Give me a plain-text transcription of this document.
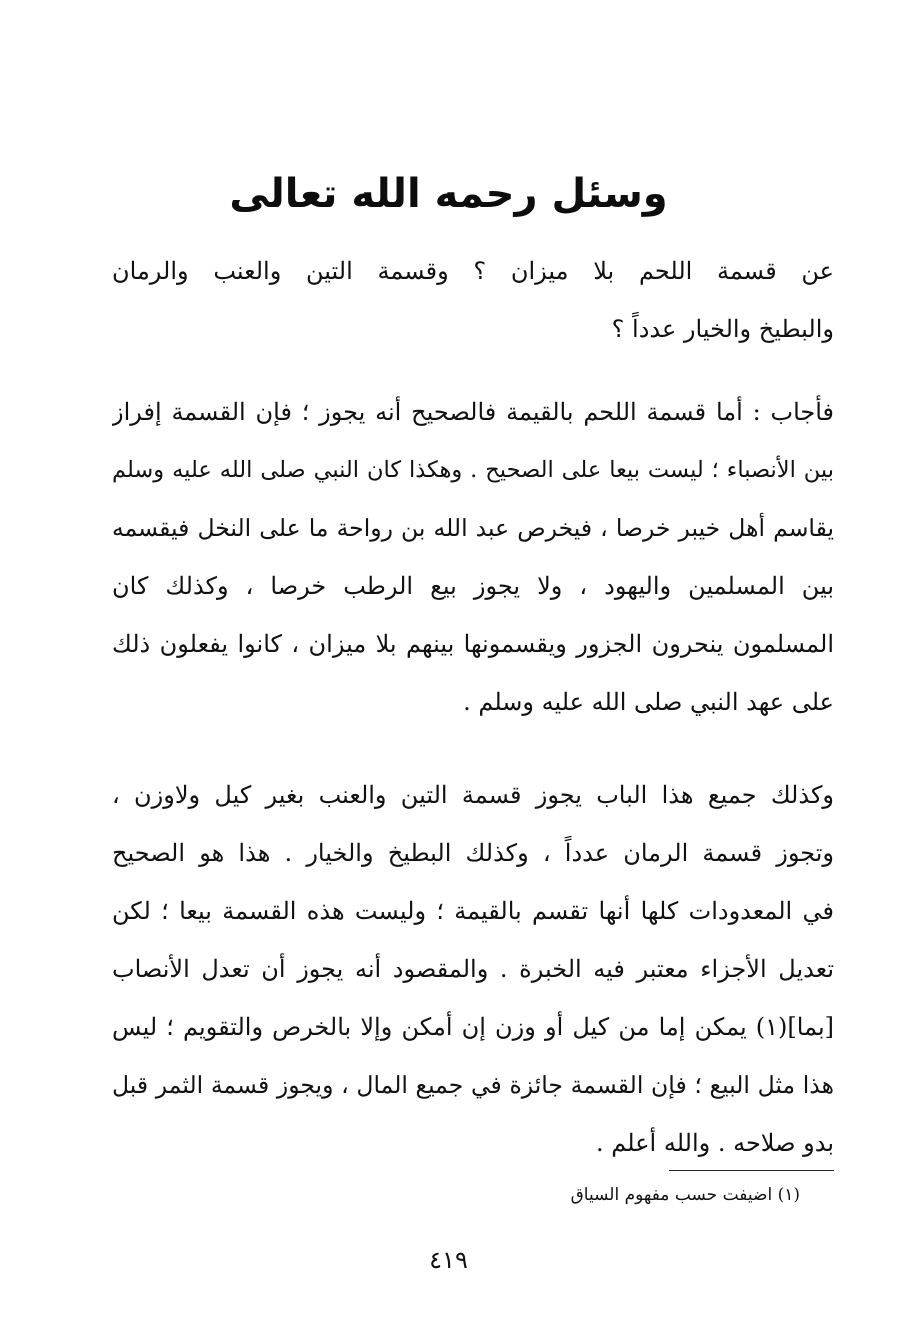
وسئل رحمه الله تعالى
عن قسمة اللحم بلا ميزان ؟ وقسمة التين والعنب والرمان
والبطيخ والخيار عدداً ؟
فأجاب : أما قسمة اللحم بالقيمة فالصحيح أنه يجوز ؛ فإن القسمة إفراز
بين الأنصباء ؛ ليست بيعا على الصحيح . وهكذا كان النبي صلى الله عليه وسلم
يقاسم أهل خيبر خرصا ، فيخرص عبد الله بن رواحة ما على النخل فيقسمه
بين المسلمين واليهود ، ولا يجوز بيع الرطب خرصا ، وكذلك كان
المسلمون ينحرون الجزور ويقسمونها بينهم بلا ميزان ، كانوا يفعلون ذلك
على عهد النبي صلى الله عليه وسلم .
وكذلك جميع هذا الباب يجوز قسمة التين والعنب بغير كيل ولاوزن ،
وتجوز قسمة الرمان عدداً ، وكذلك البطيخ والخيار . هذا هو الصحيح
في المعدودات كلها أنها تقسم بالقيمة ؛ وليست هذه القسمة بيعا ؛ لكن
تعديل الأجزاء معتبر فيه الخبرة . والمقصود أنه يجوز أن تعدل الأنصاب
[بما](١) يمكن إما من كيل أو وزن إن أمكن وإلا بالخرص والتقويم ؛ ليس
هذا مثل البيع ؛ فإن القسمة جائزة في جميع المال ، ويجوز قسمة الثمر قبل
بدو صلاحه . والله أعلم .
(١) اضيفت حسب مفهوم السياق
٤١٩
